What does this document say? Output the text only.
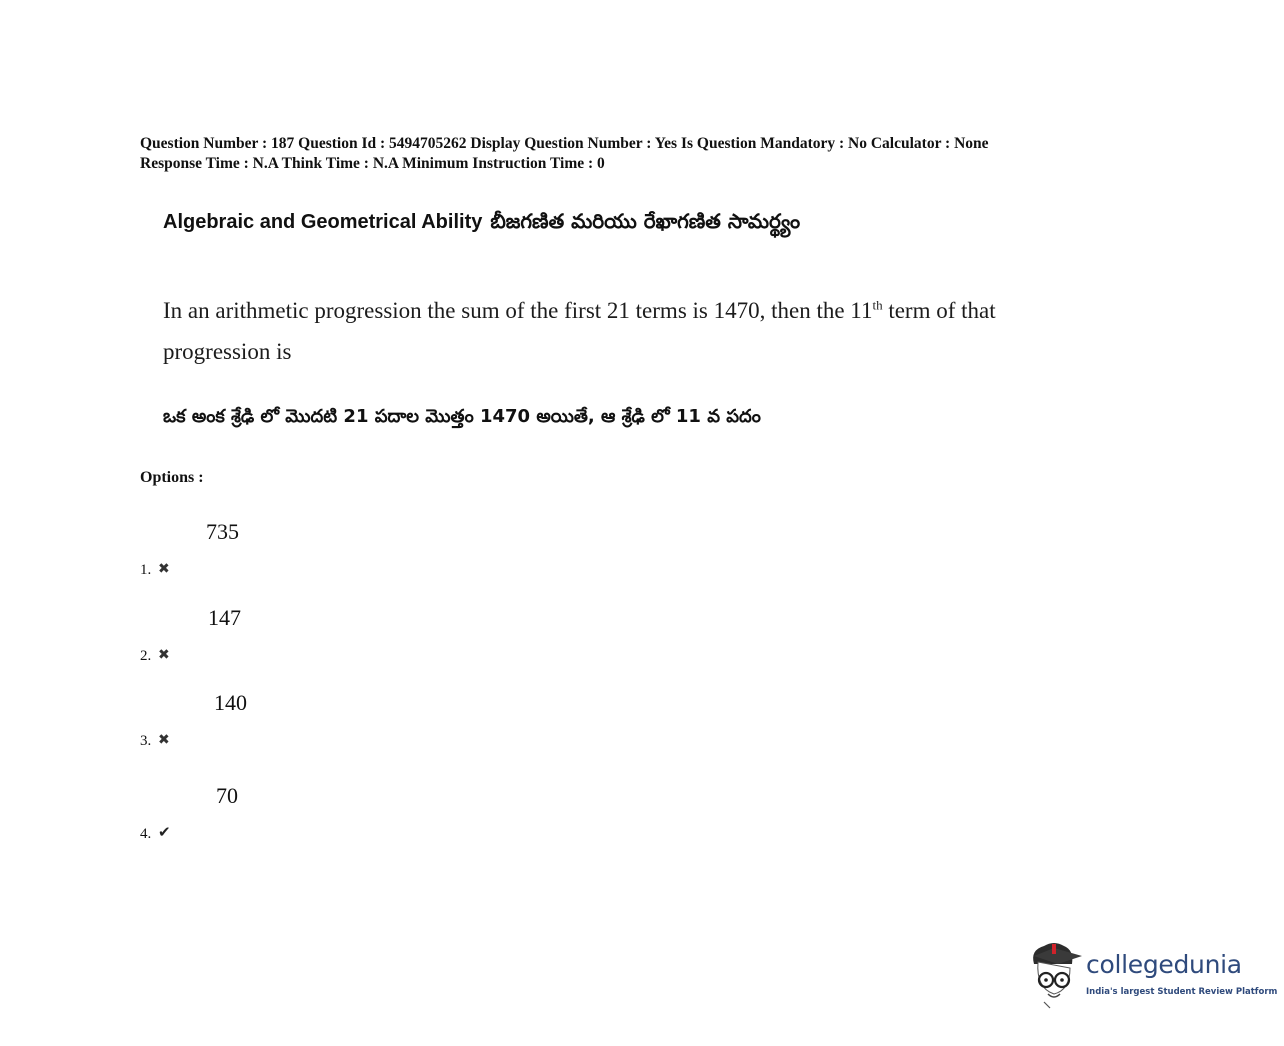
Question Number : 187 Question Id : 5494705262 Display Question Number : Yes Is Question Mandatory : No Calculator : None
Response Time : N.A Think Time : N.A Minimum Instruction Time : 0
Algebraic and Geometrical Ability బీజగణిత మరియు రేఖాగణిత సామర్థ్యం
In an arithmetic progression the sum of the first 21 terms is 1470, then the 11th term of that progression is
ఒక అంక శ్రేఢి లో మొదటి 21 పదాల మొత్తం 1470 అయితే, ఆ శ్రేఢి లో 11 వ పదం
Options :
1. ✖
735
2. ✖
147
3. ✖
140
4. ✔
70
collegedunia
India's largest Student Review Platform
